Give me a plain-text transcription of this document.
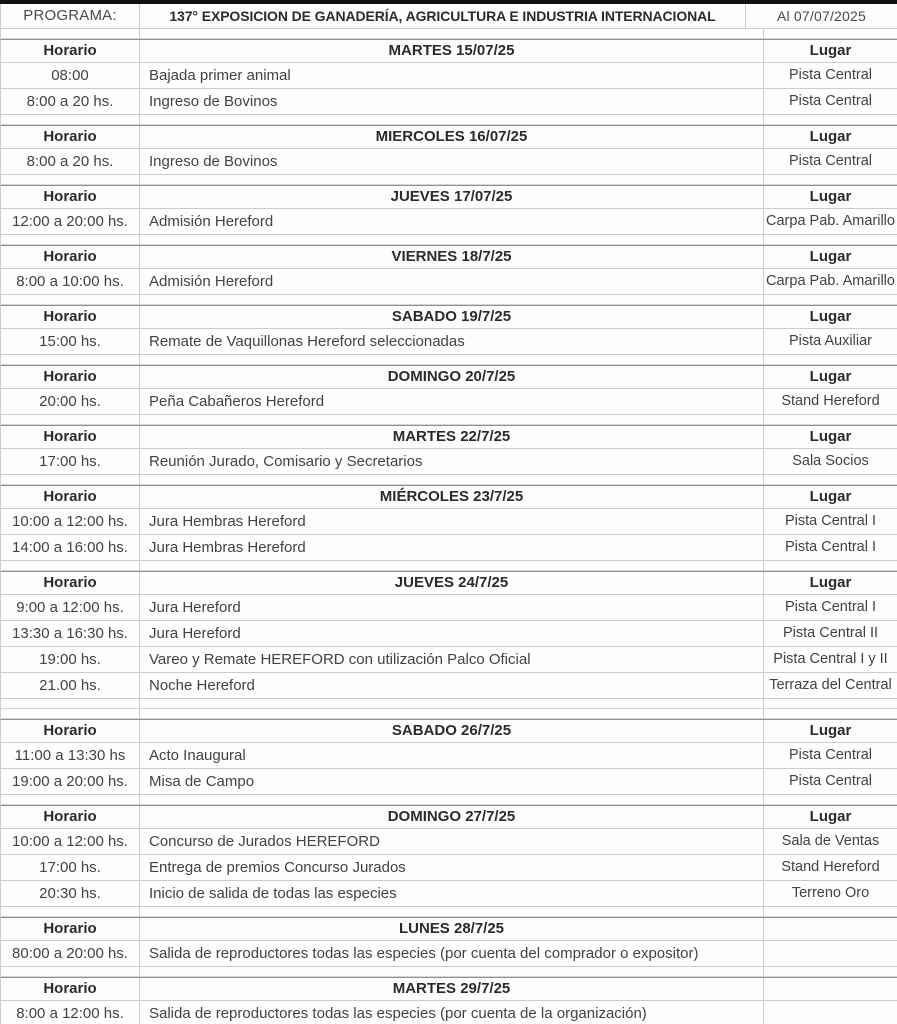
PROGRAMA:	137° EXPOSICION DE GANADERÍA, AGRICULTURA E INDUSTRIA INTERNACIONAL	Al 07/07/2025
Horario	MARTES 15/07/25	Lugar
08:00	Bajada primer animal	Pista Central
8:00 a 20 hs.	Ingreso de Bovinos	Pista Central
Horario	MIERCOLES 16/07/25	Lugar
8:00 a 20 hs.	Ingreso de Bovinos	Pista Central
Horario	JUEVES 17/07/25	Lugar
12:00 a 20:00 hs.	Admisión Hereford	Carpa Pab. Amarillo
Horario	VIERNES 18/7/25	Lugar
8:00 a 10:00 hs.	Admisión Hereford	Carpa Pab. Amarillo
Horario	SABADO 19/7/25	Lugar
15:00 hs.	Remate de Vaquillonas Hereford seleccionadas	Pista Auxiliar
Horario	DOMINGO 20/7/25	Lugar
20:00 hs.	Peña Cabañeros Hereford	Stand Hereford
Horario	MARTES 22/7/25	Lugar
17:00 hs.	Reunión Jurado, Comisario y Secretarios	Sala Socios
Horario	MIÉRCOLES 23/7/25	Lugar
10:00 a 12:00 hs.	Jura Hembras Hereford	Pista Central I
14:00 a 16:00 hs.	Jura Hembras Hereford	Pista Central I
Horario	JUEVES 24/7/25	Lugar
9:00 a 12:00 hs.	Jura Hereford	Pista Central I
13:30 a 16:30 hs.	Jura Hereford	Pista Central II
19:00 hs.	Vareo y Remate HEREFORD con utilización Palco Oficial	Pista Central I y II
21.00 hs.	Noche Hereford	Terraza del Central
Horario	SABADO 26/7/25	Lugar
11:00 a 13:30 hs	Acto Inaugural	Pista Central
19:00 a 20:00 hs.	Misa de Campo	Pista Central
Horario	DOMINGO 27/7/25	Lugar
10:00 a 12:00 hs.	Concurso de Jurados HEREFORD	Sala de Ventas
17:00 hs.	Entrega de premios Concurso Jurados	Stand Hereford
20:30 hs.	Inicio de salida de todas las especies	Terreno Oro
Horario	LUNES 28/7/25
80:00 a 20:00 hs.	Salida de reproductores todas las especies (por cuenta del comprador o expositor)
Horario	MARTES 29/7/25
8:00 a 12:00 hs.	Salida de reproductores todas las especies (por cuenta de la organización)
